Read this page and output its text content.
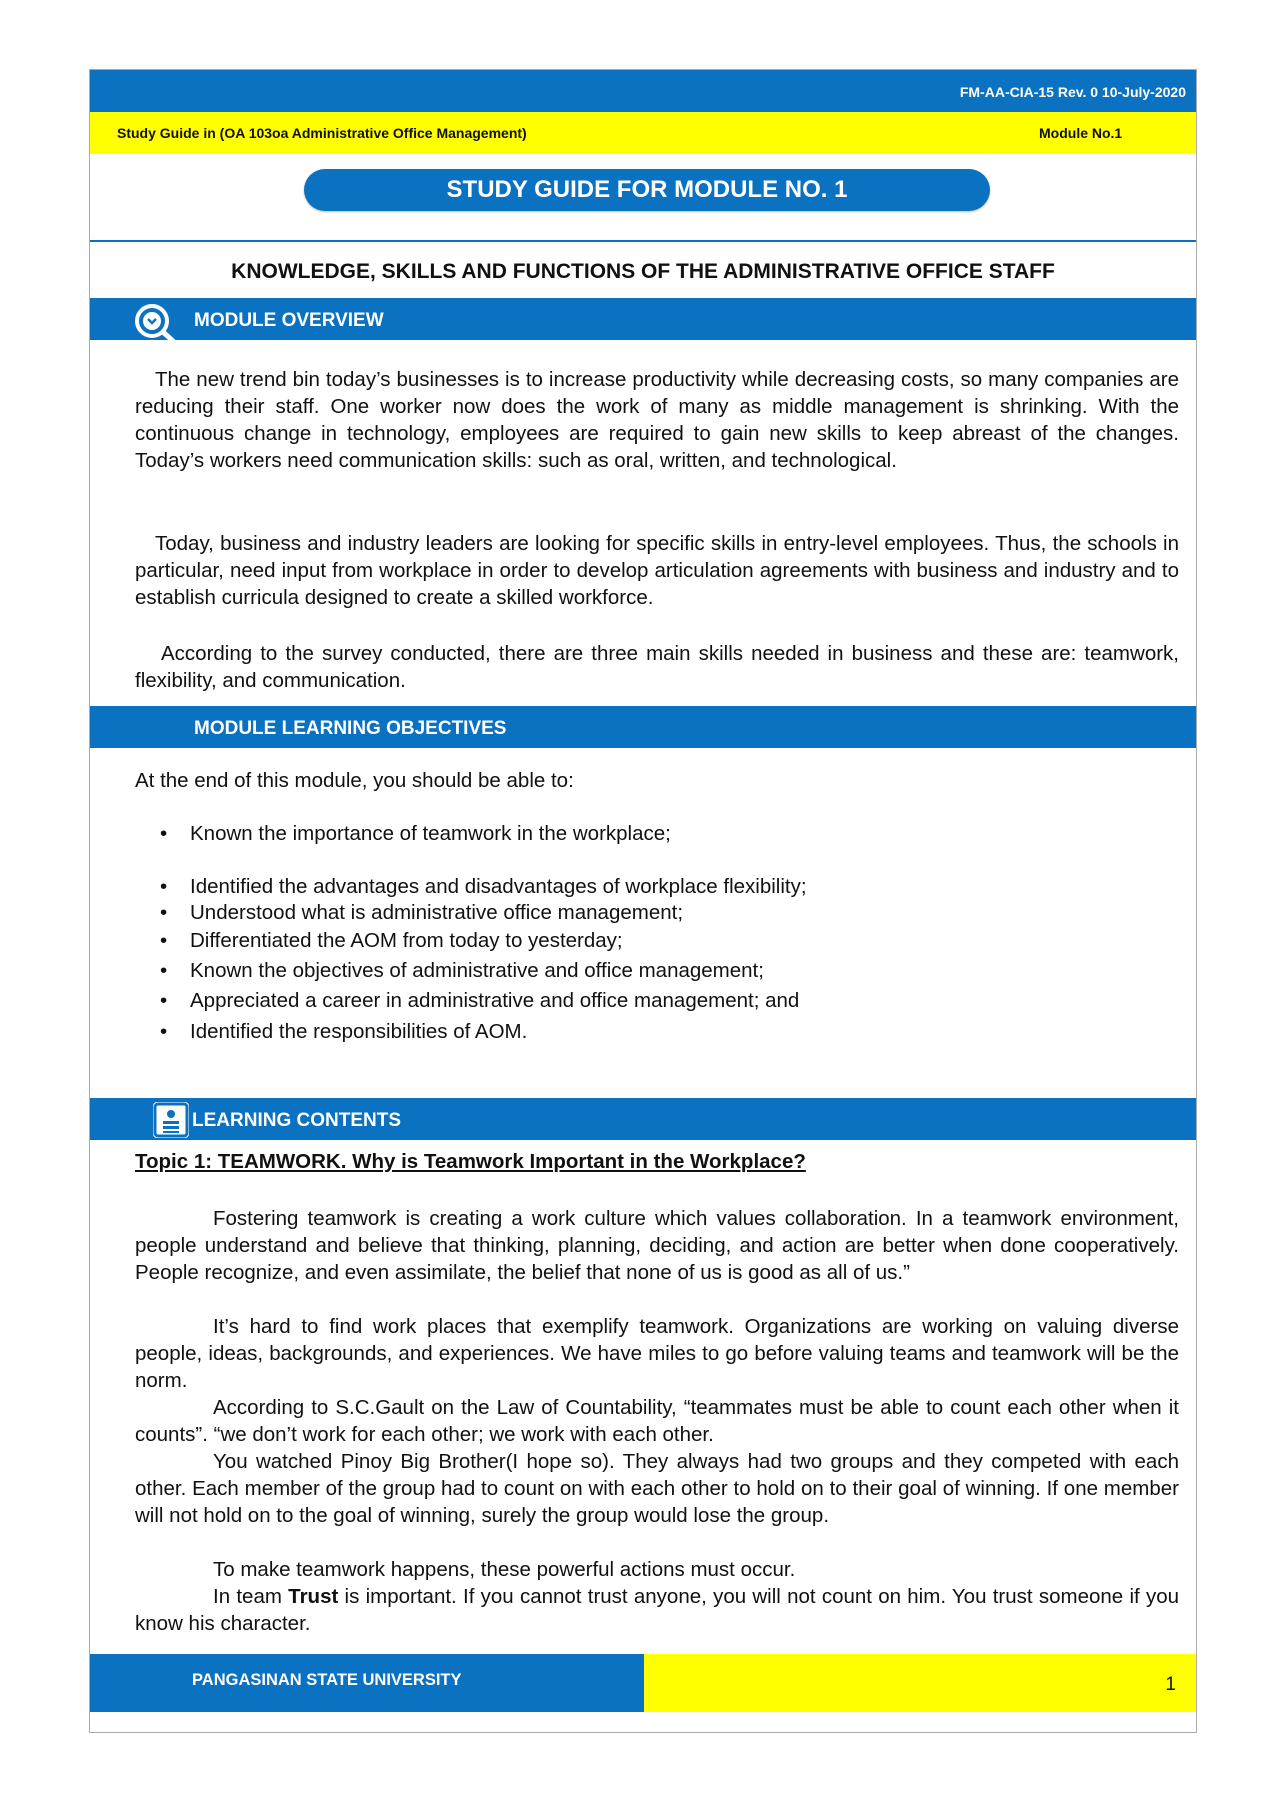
FM-AA-CIA-15 Rev. 0 10-July-2020
Study Guide in (OA 103oa Administrative Office Management)	Module No.1
STUDY GUIDE FOR MODULE NO. 1
KNOWLEDGE, SKILLS AND FUNCTIONS OF THE ADMINISTRATIVE OFFICE STAFF
MODULE OVERVIEW
The new trend bin today’s businesses is to increase productivity while decreasing costs, so many companies are reducing their staff. One worker now does the work of many as middle management is shrinking. With the continuous change in technology, employees are required to gain new skills to keep abreast of the changes. Today’s workers need communication skills: such as oral, written, and technological.
Today, business and industry leaders are looking for specific skills in entry-level employees. Thus, the schools in particular, need input from workplace in order to develop articulation agreements with business and industry and to establish curricula designed to create a skilled workforce.
According to the survey conducted, there are three main skills needed in business and these are: teamwork, flexibility, and communication.
MODULE LEARNING OBJECTIVES
At the end of this module, you should be able to:
• Known the importance of teamwork in the workplace;
• Identified the advantages and disadvantages of workplace flexibility;
• Understood what is administrative office management;
• Differentiated the AOM from today to yesterday;
• Known the objectives of administrative and office management;
• Appreciated a career in administrative and office management; and
• Identified the responsibilities of AOM.
LEARNING CONTENTS
Topic 1: TEAMWORK. Why is Teamwork Important in the Workplace?
Fostering teamwork is creating a work culture which values collaboration. In a teamwork environment, people understand and believe that thinking, planning, deciding, and action are better when done cooperatively. People recognize, and even assimilate, the belief that none of us is good as all of us.”
It’s hard to find work places that exemplify teamwork. Organizations are working on valuing diverse people, ideas, backgrounds, and experiences. We have miles to go before valuing teams and teamwork will be the norm.
According to S.C.Gault on the Law of Countability, “teammates must be able to count each other when it counts”. “we don’t work for each other; we work with each other.
You watched Pinoy Big Brother(I hope so). They always had two groups and they competed with each other. Each member of the group had to count on with each other to hold on to their goal of winning. If one member will not hold on to the goal of winning, surely the group would lose the group.
To make teamwork happens, these powerful actions must occur.
In team Trust is important. If you cannot trust anyone, you will not count on him. You trust someone if you know his character.
PANGASINAN STATE UNIVERSITY	1
